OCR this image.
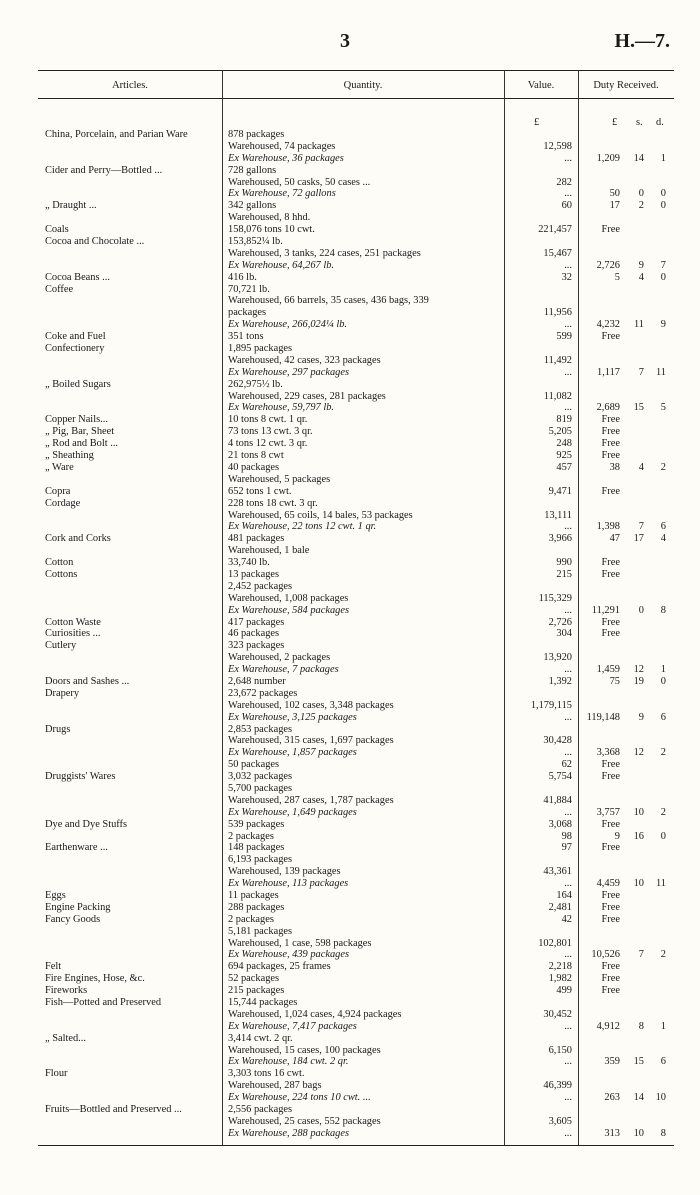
3	H.—7.
Articles.	Quantity.	Value.	Duty Received.
£	£ s. d.
China, Porcelain, and Parian Ware	878 packages
Warehoused, 74 packages	12,598
Ex Warehouse, 36 packages	...	1,209	14	1
Cider and Perry—Bottled ...	728 gallons
Warehoused, 50 casks, 50 cases ...	282
Ex Warehouse, 72 gallons	...	50	0	0
„ Draught ...	342 gallons	60	17	2	0
Warehoused, 8 hhd.
Coals	158,076 tons 10 cwt.	221,457	Free
Cocoa and Chocolate ...	153,852¼ lb.
Warehoused, 3 tanks, 224 cases, 251 packages	15,467
Ex Warehouse, 64,267 lb.	...	2,726	9	7
Cocoa Beans ...	416 lb.	32	5	4	0
Coffee	70,721 lb.
Warehoused, 66 barrels, 35 cases, 436 bags, 339
packages	11,956
Ex Warehouse, 266,024¼ lb.	...	4,232	11	9
Coke and Fuel	351 tons	599	Free
Confectionery	1,895 packages
Warehoused, 42 cases, 323 packages	11,492
Ex Warehouse, 297 packages	...	1,117	7	11
„ Boiled Sugars	262,975½ lb.
Warehoused, 229 cases, 281 packages	11,082
Ex Warehouse, 59,797 lb.	...	2,689	15	5
Copper Nails...	10 tons 8 cwt. 1 qr.	819	Free
„ Pig, Bar, Sheet	73 tons 13 cwt. 3 qr.	5,205	Free
„ Rod and Bolt ...	4 tons 12 cwt. 3 qr.	248	Free
„ Sheathing	21 tons 8 cwt	925	Free
„ Ware	40 packages	457	38	4	2
Warehoused, 5 packages
Copra	652 tons 1 cwt.	9,471	Free
Cordage	228 tons 18 cwt. 3 qr.
Warehoused, 65 coils, 14 bales, 53 packages	13,111
Ex Warehouse, 22 tons 12 cwt. 1 qr.	...	1,398	7	6
Cork and Corks	481 packages	3,966	47	17	4
Warehoused, 1 bale
Cotton	33,740 lb.	990	Free
Cottons	13 packages	215	Free
2,452 packages
Warehoused, 1,008 packages	115,329
Ex Warehouse, 584 packages	...	11,291	0	8
Cotton Waste	417 packages	2,726	Free
Curiosities ...	46 packages	304	Free
Cutlery	323 packages
Warehoused, 2 packages	13,920
Ex Warehouse, 7 packages	...	1,459	12	1
Doors and Sashes ...	2,648 number	1,392	75	19	0
Drapery	23,672 packages
Warehoused, 102 cases, 3,348 packages	1,179,115
Ex Warehouse, 3,125 packages	... 119,148	9	6
Drugs	2,853 packages
Warehoused, 315 cases, 1,697 packages	30,428
Ex Warehouse, 1,857 packages	...	3,368	12	2
50 packages	62	Free
Druggists' Wares	3,032 packages	5,754	Free
5,700 packages
Warehoused, 287 cases, 1,787 packages	41,884
Ex Warehouse, 1,649 packages	...	3,757	10	2
Dye and Dye Stuffs	539 packages	3,068	Free
2 packages	98	9	16	0
Earthenware ...	148 packages	97	Free
6,193 packages
Warehoused, 139 packages	43,361
Ex Warehouse, 113 packages	...	4,459	10	11
Eggs	11 packages	164	Free
Engine Packing	288 packages	2,481	Free
Fancy Goods	2 packages	42	Free
5,181 packages
Warehoused, 1 case, 598 packages	102,801
Ex Warehouse, 439 packages	...	10,526	7	2
Felt	694 packages, 25 frames	2,218	Free
Fire Engines, Hose, &c.	52 packages	1,982	Free
Fireworks	215 packages	499	Free
Fish—Potted and Preserved	15,744 packages
Warehoused, 1,024 cases, 4,924 packages	30,452
Ex Warehouse, 7,417 packages	...	4,912	8	1
„ Salted...	3,414 cwt. 2 qr.
Warehoused, 15 cases, 100 packages	6,150
Ex Warehouse, 184 cwt. 2 qr.	...	359	15	6
Flour	3,303 tons 16 cwt.
Warehoused, 287 bags	46,399
Ex Warehouse, 224 tons 10 cwt. ...	...	263	14	10
Fruits—Bottled and Preserved ...	2,556 packages
Warehoused, 25 cases, 552 packages	3,605
Ex Warehouse, 288 packages	...	313	10	8
